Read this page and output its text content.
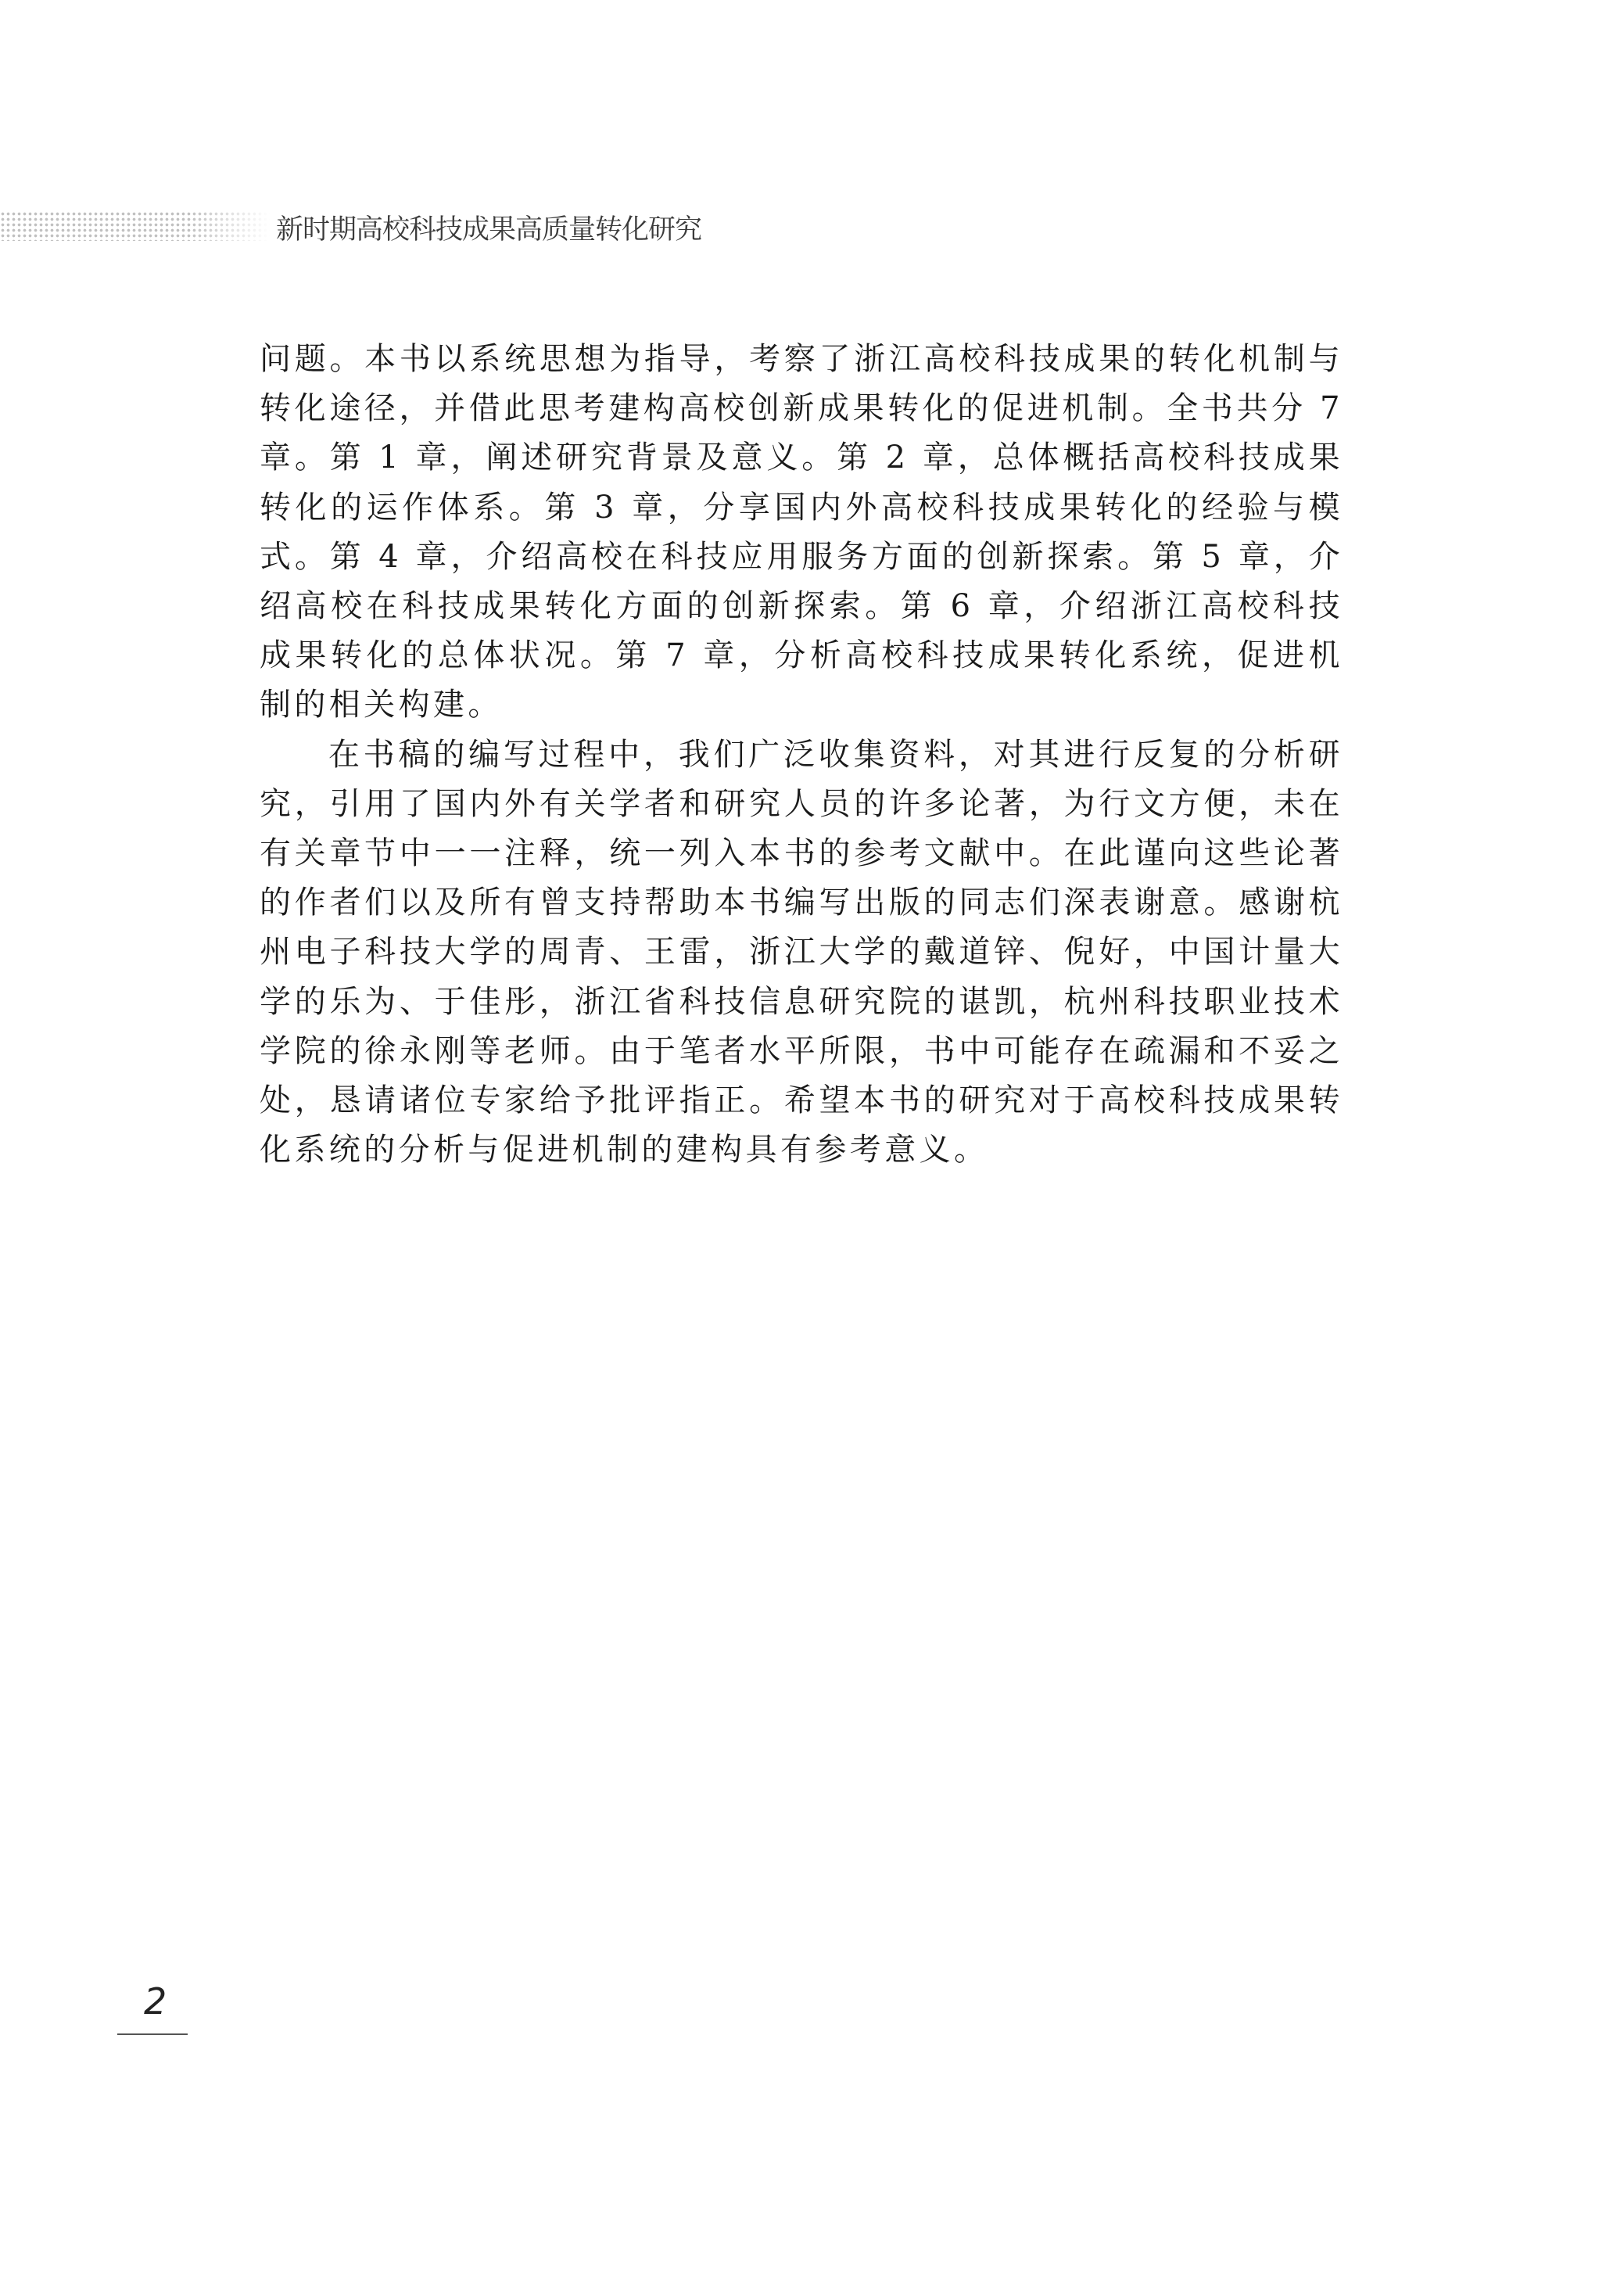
新时期高校科技成果高质量转化研究

问题。本书以系统思想为指导，考察了浙江高校科技成果的转化机制与转化途径，并借此思考建构高校创新成果转化的促进机制。全书共分 7 章。第 1 章，阐述研究背景及意义。第 2 章，总体概括高校科技成果转化的运作体系。第 3 章，分享国内外高校科技成果转化的经验与模式。第 4 章，介绍高校在科技应用服务方面的创新探索。第 5 章，介绍高校在科技成果转化方面的创新探索。第 6 章，介绍浙江高校科技成果转化的总体状况。第 7 章，分析高校科技成果转化系统，促进机制的相关构建。

在书稿的编写过程中，我们广泛收集资料，对其进行反复的分析研究，引用了国内外有关学者和研究人员的许多论著，为行文方便，未在有关章节中一一注释，统一列入本书的参考文献中。在此谨向这些论著的作者们以及所有曾支持帮助本书编写出版的同志们深表谢意。感谢杭州电子科技大学的周青、王雷，浙江大学的戴道锌、倪好，中国计量大学的乐为、于佳彤，浙江省科技信息研究院的谌凯，杭州科技职业技术学院的徐永刚等老师。由于笔者水平所限，书中可能存在疏漏和不妥之处，恳请诸位专家给予批评指正。希望本书的研究对于高校科技成果转化系统的分析与促进机制的建构具有参考意义。

2
